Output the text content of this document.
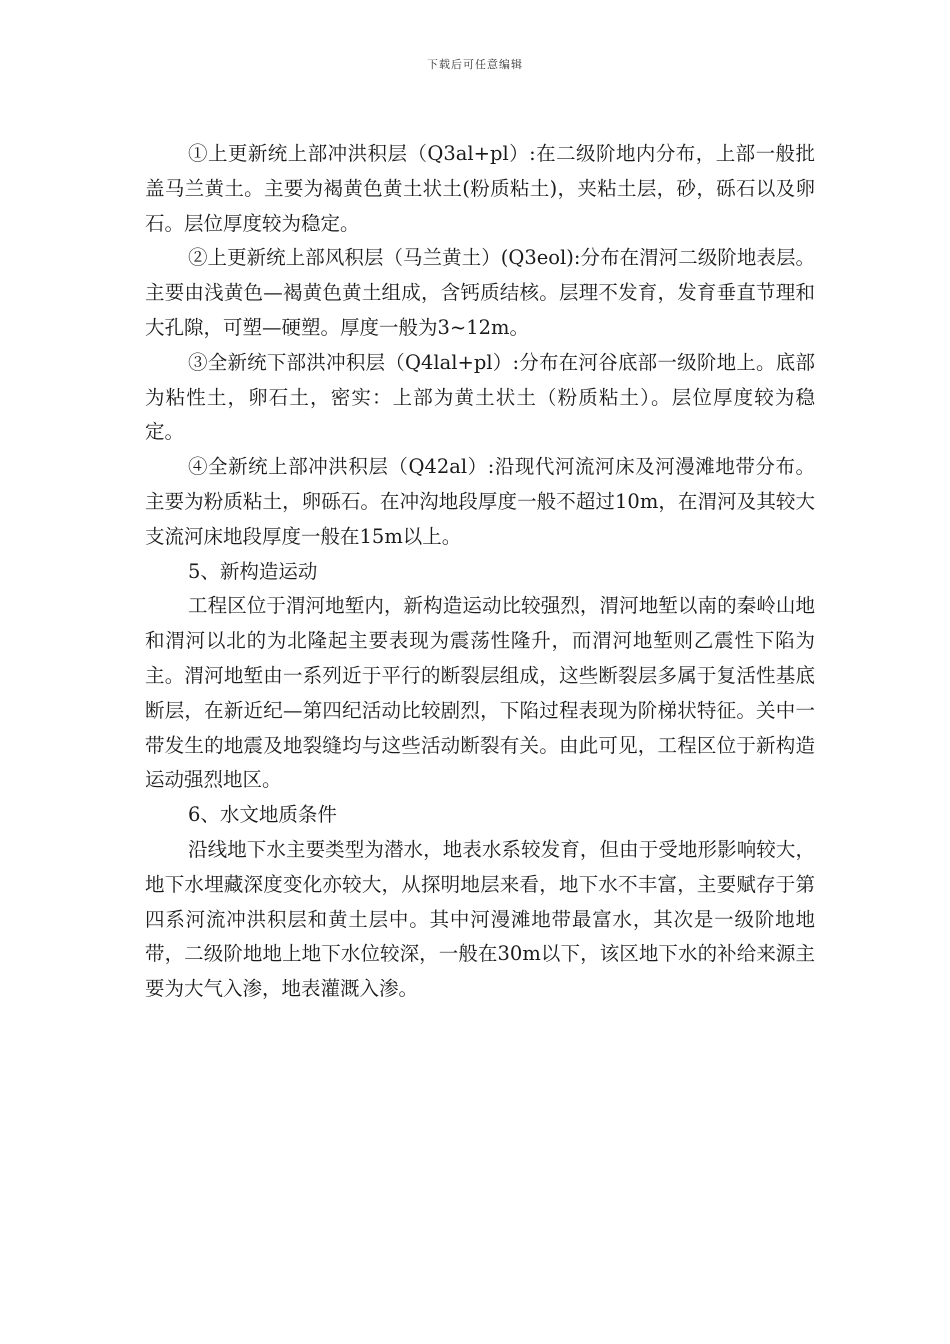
下载后可任意编辑

①上更新统上部冲洪积层（Q3al+pl）:在二级阶地内分布，上部一般批盖马兰黄土。主要为褐黄色黄土状土(粉质粘土)，夹粘土层，砂，砾石以及卵石。层位厚度较为稳定。

②上更新统上部风积层（马兰黄土）(Q3eol):分布在渭河二级阶地表层。主要由浅黄色—褐黄色黄土组成，含钙质结核。层理不发育，发育垂直节理和大孔隙，可塑—硬塑。厚度一般为3~12m。

③全新统下部洪冲积层（Q4lal+pl）:分布在河谷底部一级阶地上。底部为粘性土，卵石土，密实：上部为黄土状土（粉质粘土）。层位厚度较为稳定。

④全新统上部冲洪积层（Q42al）:沿现代河流河床及河漫滩地带分布。主要为粉质粘土，卵砾石。在冲沟地段厚度一般不超过10m，在渭河及其较大支流河床地段厚度一般在15m以上。

5、新构造运动

工程区位于渭河地堑内，新构造运动比较强烈，渭河地堑以南的秦岭山地和渭河以北的为北隆起主要表现为震荡性隆升，而渭河地堑则乙震性下陷为主。渭河地堑由一系列近于平行的断裂层组成，这些断裂层多属于复活性基底断层，在新近纪—第四纪活动比较剧烈，下陷过程表现为阶梯状特征。关中一带发生的地震及地裂缝均与这些活动断裂有关。由此可见，工程区位于新构造运动强烈地区。

6、水文地质条件

沿线地下水主要类型为潜水，地表水系较发育，但由于受地形影响较大，地下水埋藏深度变化亦较大，从探明地层来看，地下水不丰富，主要赋存于第四系河流冲洪积层和黄土层中。其中河漫滩地带最富水，其次是一级阶地地带，二级阶地地上地下水位较深，一般在30m以下，该区地下水的补给来源主要为大气入渗，地表灌溉入渗。
